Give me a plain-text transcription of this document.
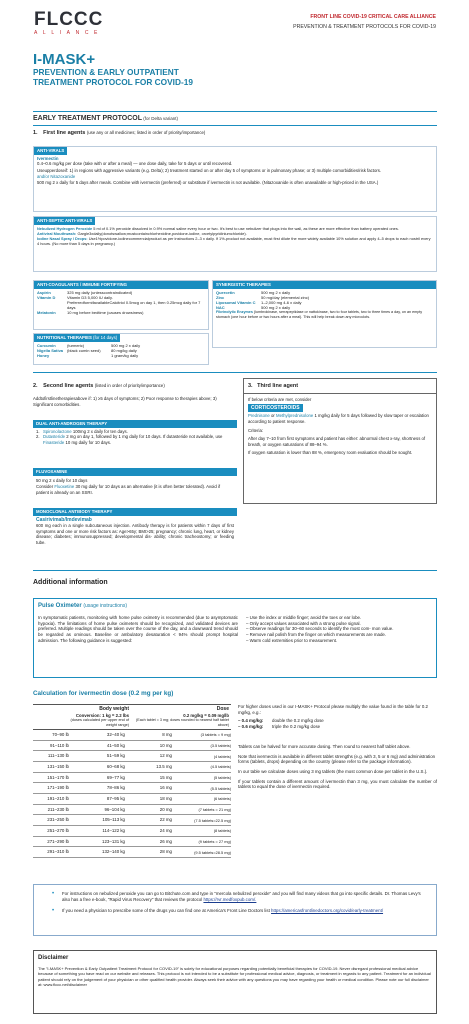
FLCCC
ALLIANCE
FRONT LINE COVID-19 CRITICAL CARE ALLIANCE
PREVENTION & TREATMENT PROTOCOLS FOR COVID-19
I-MASK+
PREVENTION & EARLY OUTPATIENT
TREATMENT PROTOCOL FOR COVID-19
EARLY TREATMENT PROTOCOL (for Delta variant)
1. First line agents (use any or all medicines; listed in order of priority/importance)
ANTI-VIRALS
Ivermectin
0.4–0.6 mg/kg per dose (take with or after a meal) — one dose daily, take for 5 days or until recovered.
Useupperdoseif: 1) in regions with aggressive variants (e.g. Delta); 2) treatment started on or after day 5 of symptoms or in pulmonary phase; or 3) multiple comorbidities/risk factors.
and/or Nitazoxanide
500 mg 2 x daily for 5 days after meals. Combine with ivermectin (preferred) or substitute if ivermectin is not available. (Nitazoxanide is often unavailable or high-priced in the USA.)
ANTI-SEPTIC ANTI-VIRALS
Nebulized Hydrogen Peroxide 5 ml of 0.1% peroxide dissolved in 0.9% normal saline every hour or two. It's best to use nebulizer that plugs into the wall, as these are more effective than battery operated ones.
Antiviral Mouthwash: Gargle3xdaily(donotswallow;mustcontainchlorhexidine,povidone-iodine, orcetylpyridiniumchloride).
Iodine Nasal Spray / Drops: Use1%povidone-iodinecommercialproduct as per instructions 2–3 x daily. If 1%-product not available, must first dilute the more widely available 10% solution and apply 4–5 drops to each nostril every 4 hours. (No more than 5 days in pregnancy.)
ANTI-COAGULANTS / IMMUNE FORTIFYING
Aspirin	325 mg daily (unlesscontraindicated)
Vitamin D	Vitamin D3 5,000 IU daily.
PreferredformifavailableCalcitriol 0.5mcg on day 1, then 0.25mcg daily for 7 days
Melatonin	10 mg before bedtime (causes drowsiness)
SYNERGISTIC THERAPIES
Quercetin	500 mg 2 x daily
Zinc	50 mg/day (elemental zinc)
Liposomal Vitamin C	1–2,000 mg 4-6 x daily
NAC	500 mg 2 x daily
Fibrinolytic Enzymes (lumbrokinase, serrapeptidase or nattokinase, two to four tablets, two to three times a day, on an empty stomach (one hour before or two hours after a meal). This will help break down any microclots.
NUTRITIONAL THERAPIES (for 14 days)
Curcumin	(turmeric)	500 mg 2 x daily
Nigella Sativa (black cumin seed)	80 mg/kg daily
Honey	1 gram/kg daily
2. Second line agents (listed in order of priority/importance)
Addtofirstlinetherapiesabove if: 1) ≥5 days of symptoms; 2) Poor response to therapies above; 3) Significant comorbidities.
DUAL ANTI-ANDROGEN THERAPY
1. Spironolactone 100mg 2 x daily for ten days.
2. Dutasteride 2 mg on day 1, followed by 1 mg daily for 10 days. If dutasteride not available, use Finasteride 10 mg daily for 10 days.
FLUVOXAMINE
50 mg 2 x daily for 10 days
Consider Fluoxetine 30 mg daily for 10 days as an alternative (it is often better tolerated). Avoid if patient is already on an SSRI.
MONOCLONAL ANTIBODY THERAPY
Casirivimab/Imdevimab
600 mg each in a single subcutaneous injection. Antibody therapy is for patients within 7 days of first symptoms and one or more risk factors as: Age>65y; BMI>25; pregnancy; chronic lung, heart, or kidney disease; diabetes; immunosuppressed; developmental dis- ability; chronic tracheostomy; or feeding tube.
3. Third line agent
If below criteria are met, consider
CORTICOSTEROIDS
Prednisone or Methylprednisolone 1 mg/kg daily for 5 days followed by slow taper or escalation according to patient response.
Criteria:
After day 7–10 from first symptoms and patient has either: abnormal chest x-ray, shortness of breath, or oxygen saturations of 88–94 %.
If oxygen saturation is lower than 88 %, emergency room evaluation should be sought.
Additional information
Pulse Oximeter (usage instructions)
In symptomatic patients, monitoring with home pulse oximetry is recommended (due to asymptomatic hypoxia). The limitations of home pulse oximeters should be recognized, and validated devices are preferred. Multiple readings should be taken over the course of the day, and a downward trend should be regarded as ominous. Baseline or ambulatory desaturation < 94% should prompt hospital admission. The following guidance is suggested:
– Use the index or middle finger; avoid the toes or ear lobe.
– Only accept values associated with a strong pulse signal.
– Observe readings for 30–60 seconds to identify the most com- mon value.
– Remove nail polish from the finger on which measurements are made.
– Warm cold extremities prior to measurement.
Calculation for ivermectin dose (0.2 mg per kg)
Body weight
Conversion: 1 kg = 2.2 lbs
(doses calculated per upper end of weight range)
Dose
0.2 mg/kg = 0.09 mg/lb
(Each tablet = 3 mg; doses rounded to nearest half tablet above)
70–90 lb	32–40 kg	8 mg	(3 tablets = 9 mg)
91–110 lb	41–50 kg	10 mg	(3.5 tablets)
111–130 lb	51–59 kg	12 mg	(4 tablets)
131–150 lb	60–68 kg	13.5 mg	(4.5 tablets)
151–170 lb	69–77 kg	15 mg	(5 tablets)
171–190 lb	78–86 kg	16 mg	(5.5 tablets)
191–210 lb	87–95 kg	18 mg	(6 tablets)
211–230 lb	96–104 kg	20 mg	(7 tablets = 21 mg)
231–250 lb	105–113 kg	22 mg	(7.5 tablets=22.5 mg)
251–270 lb	114–122 kg	24 mg	(8 tablets)
271–290 lb	123–131 kg	26 mg	(9 tablets = 27 mg)
291–310 lb	132–140 kg	28 mg	(9.5 tablets=28.5 mg)
For higher doses used in our I-MASK+ Protocol please multiply the value found in the table for 0.2 mg/kg, e.g.:
– 0.4 mg/kg:	double the 0.2 mg/kg dose
– 0.6 mg/kg:	triple the 0.2 mg/kg dose
Tablets can be halved for more accurate dosing. Then round to nearest half tablet above.
Note that ivermectin is available in different tablet strengths (e.g. with 3, 5 or 6 mg) and administration forms (tablets, drops) depending on the country (please refer to the package information).
In our table we calculate doses using 3 mg tablets (the most common dose per tablet in the U.S.).
If your tablets contain a different amount of ivermectin than 3 mg, you must calculate the number of tablets to equal the dose of ivermectin required.
• For instructions on nebulized peroxide you can go to Bitchute.com and type in "mercola nebulized peroxide" and you will find many videos that go into specific details. Dr. Thomas Levy's also has a free e-book, "Rapid Virus Recovery" that reviews the protocol https://rvr.medfoxpub.com/.
• If you need a physician to prescribe some of the drugs you can find one at America's Front Line Doctors list https://americasfrontlinedoctors.org/covid/early-treatment/
Disclaimer
The "I-MASK+ Prevention & Early Outpatient Treatment Protocol for COVID-19" is solely for educational purposes regarding potentially beneficial therapies for COVID-19. Never disregard professional medical advice because of something you have read on our website and releases. This protocol is not intended to be a substitute for professional medical advice, diagnosis, or treatment in regards to any patient. Treatment for an individual patient should rely on the judgement of your physician or other qualified health provider. Always seek their advice with any questions you may have regarding your health or medical condition. Please note our full disclaimer at: www.flccc.net/disclaimer
